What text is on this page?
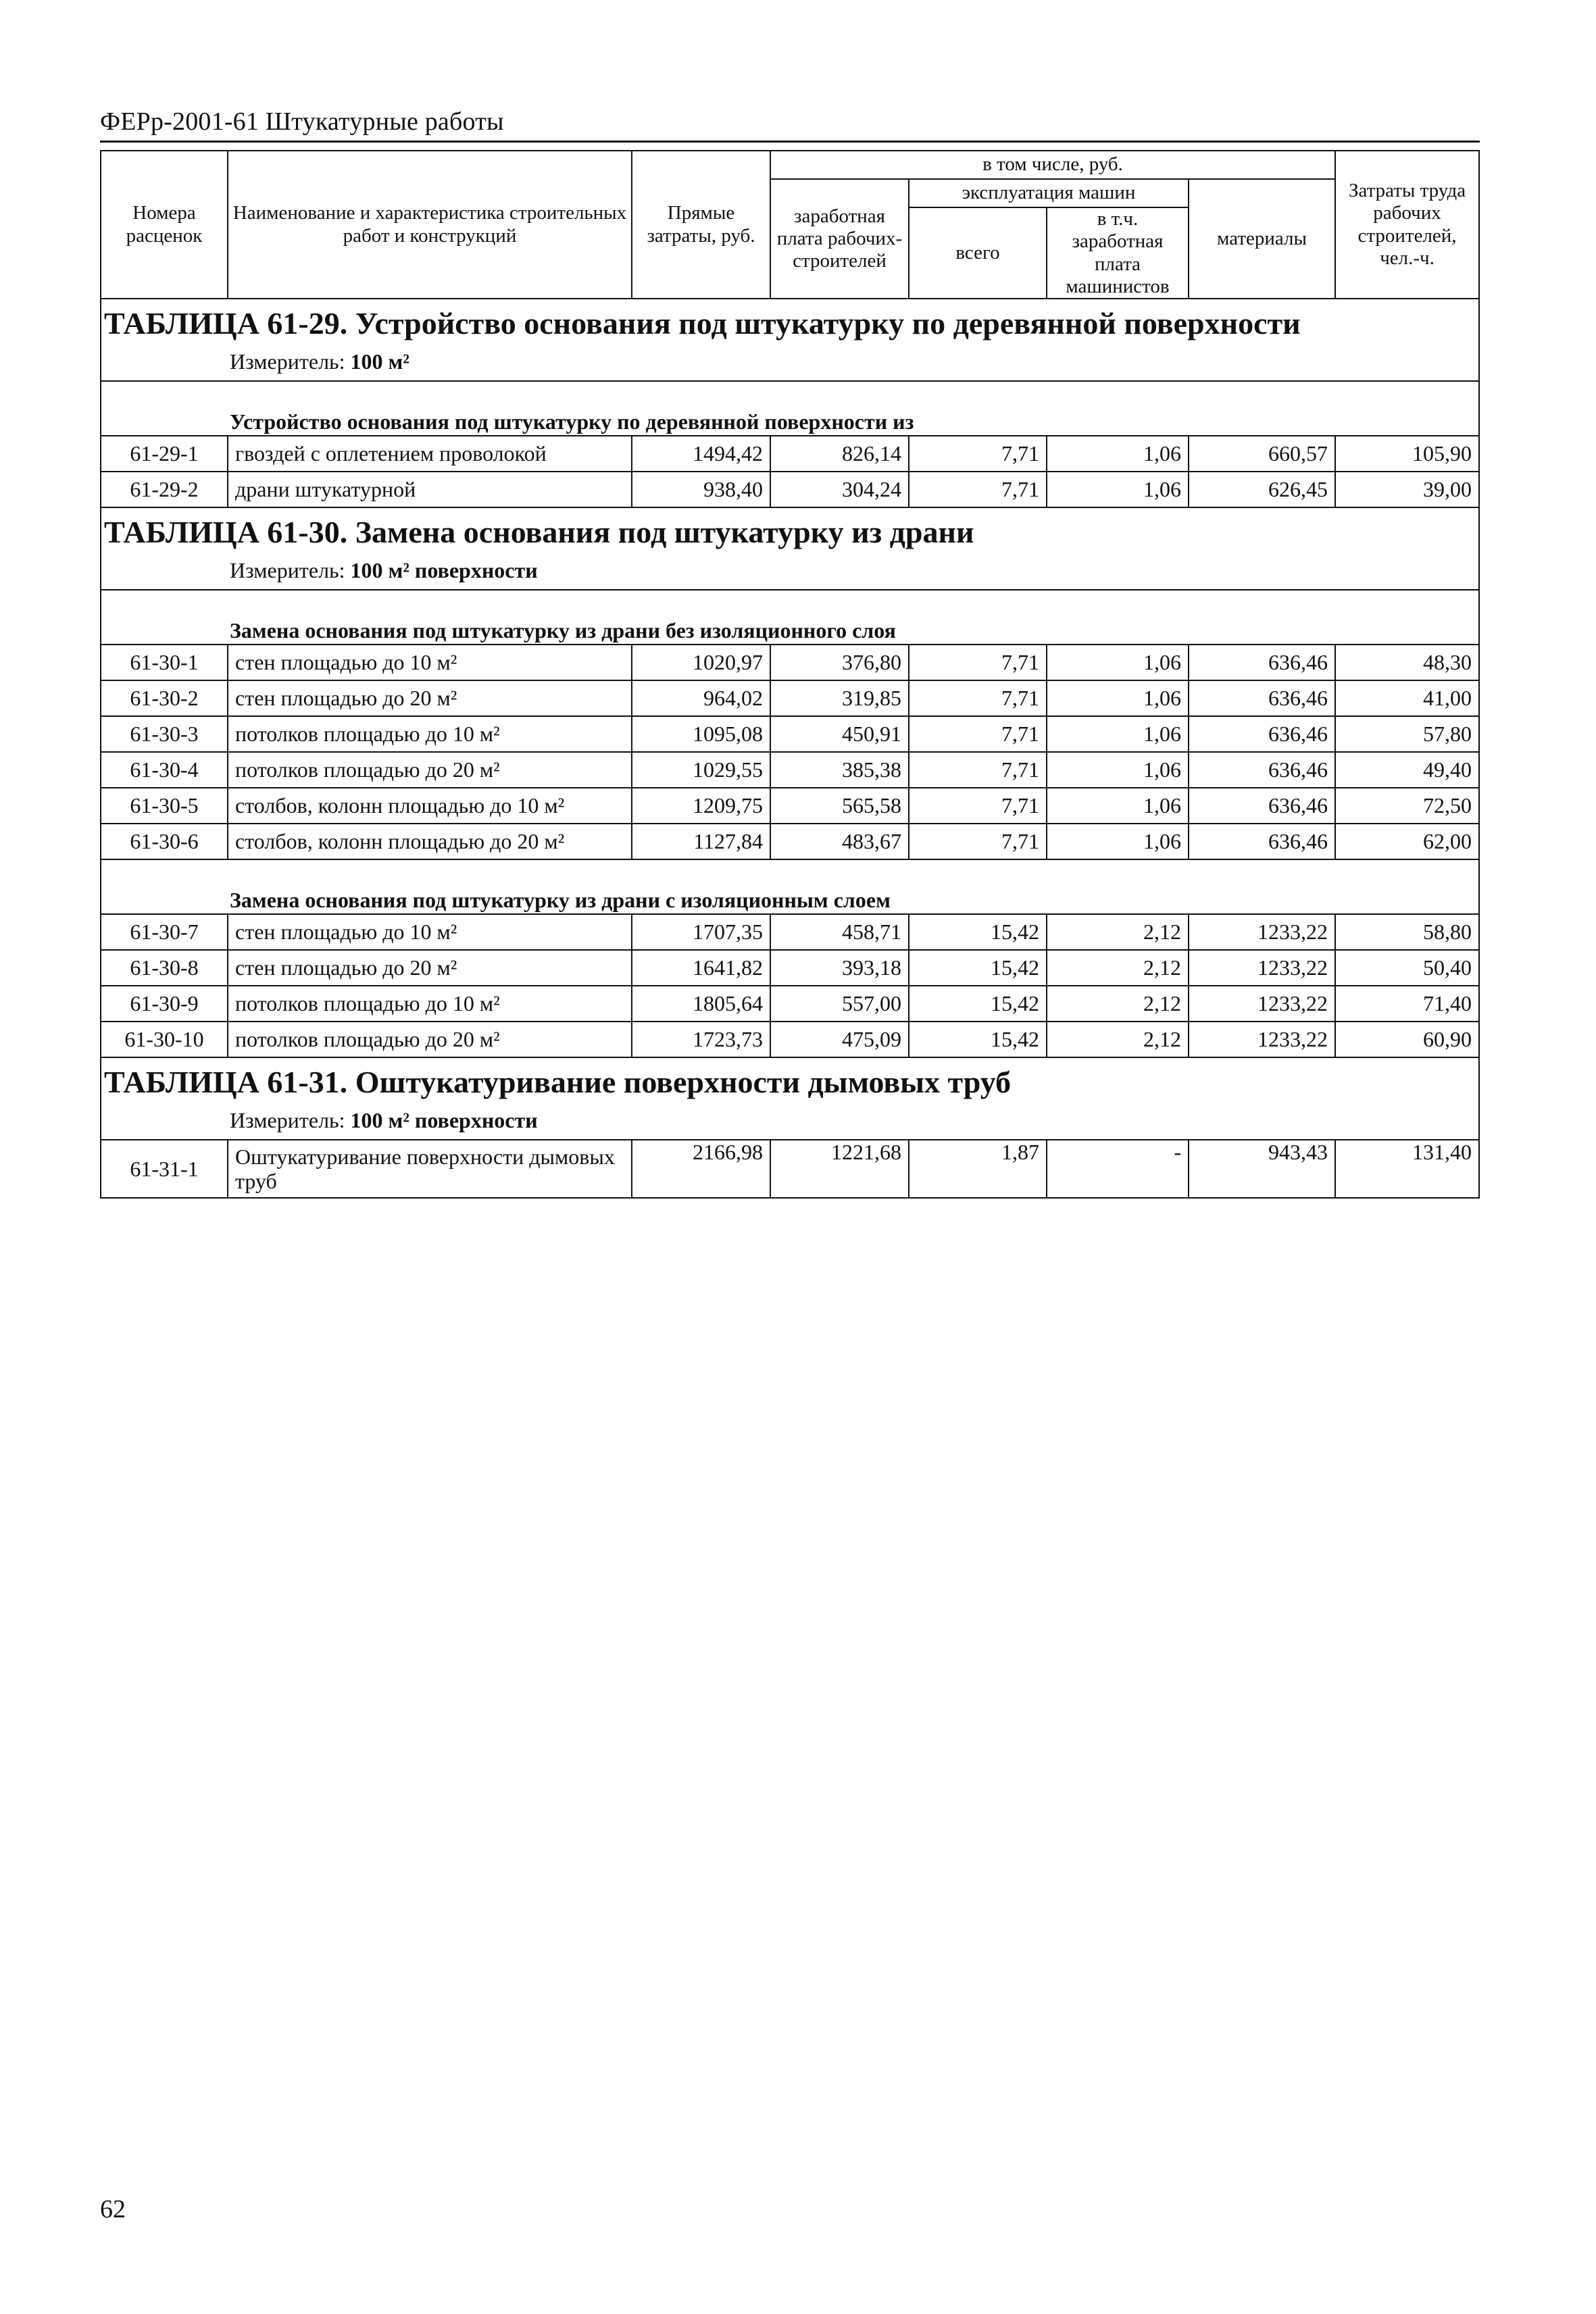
ФЕРр-2001-61 Штукатурные работы
Номера расценок	Наименование и характеристика строительных работ и конструкций	Прямые затраты, руб.	в том числе, руб.				Затраты труда рабочих строителей, чел.-ч.
			заработная плата рабочих-строителей	эксплуатация машин		материалы	
				всего	в т.ч. заработная плата машинистов		

ТАБЛИЦА 61-29. Устройство основания под штукатурку по деревянной поверхности							
Измеритель: 100 м²							

Устройство основания под штукатурку по деревянной поверхности из							
61-29-1	гвоздей с оплетением проволокой	1494,42	826,14	7,71	1,06	660,57	105,90
61-29-2	драни штукатурной	938,40	304,24	7,71	1,06	626,45	39,00
ТАБЛИЦА 61-30. Замена основания под штукатурку из драни							
Измеритель: 100 м² поверхности							

Замена основания под штукатурку из драни без изоляционного слоя							
61-30-1	стен площадью до 10 м²	1020,97	376,80	7,71	1,06	636,46	48,30
61-30-2	стен площадью до 20 м²	964,02	319,85	7,71	1,06	636,46	41,00
61-30-3	потолков площадью до 10 м²	1095,08	450,91	7,71	1,06	636,46	57,80
61-30-4	потолков площадью до 20 м²	1029,55	385,38	7,71	1,06	636,46	49,40
61-30-5	столбов, колонн площадью до 10 м²	1209,75	565,58	7,71	1,06	636,46	72,50
61-30-6	столбов, колонн площадью до 20 м²	1127,84	483,67	7,71	1,06	636,46	62,00

Замена основания под штукатурку из драни с изоляционным слоем							
61-30-7	стен площадью до 10 м²	1707,35	458,71	15,42	2,12	1233,22	58,80
61-30-8	стен площадью до 20 м²	1641,82	393,18	15,42	2,12	1233,22	50,40
61-30-9	потолков площадью до 10 м²	1805,64	557,00	15,42	2,12	1233,22	71,40
61-30-10	потолков площадью до 20 м²	1723,73	475,09	15,42	2,12	1233,22	60,90
ТАБЛИЦА 61-31. Оштукатуривание поверхности дымовых труб							
Измеритель: 100 м² поверхности							
61-31-1	Оштукатуривание поверхности дымовых труб	2166,98	1221,68	1,87	-	943,43	131,40
62
